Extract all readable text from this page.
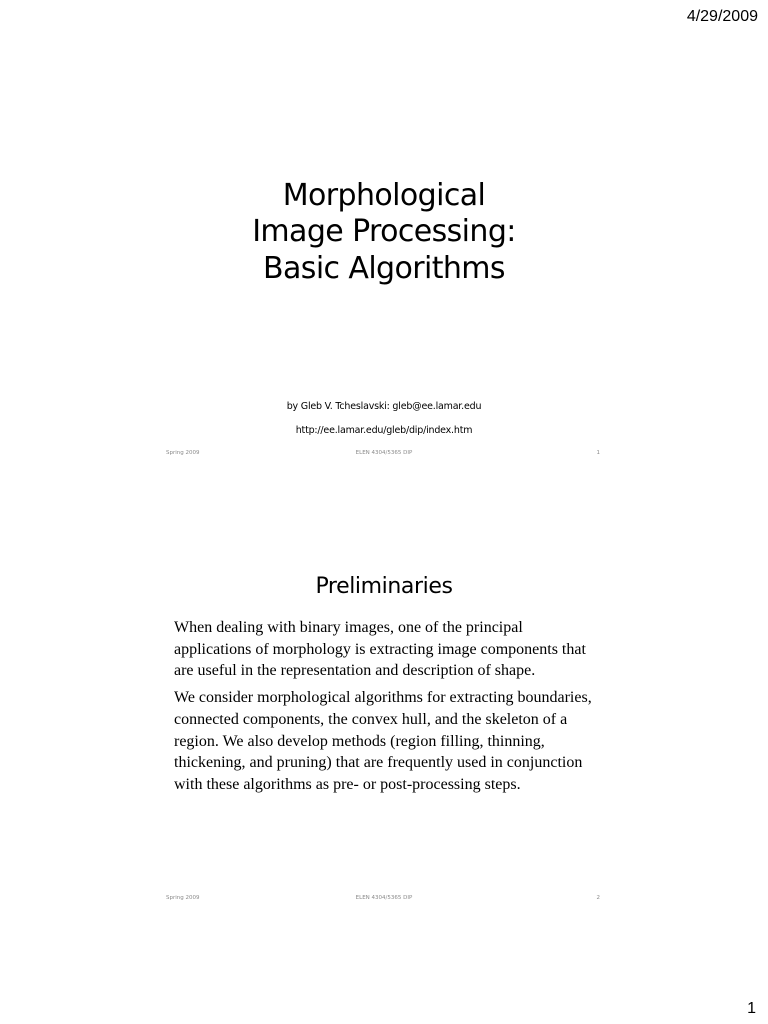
4/29/2009
Morphological
Image Processing:
Basic Algorithms
by Gleb V. Tcheslavski: gleb@ee.lamar.edu
http://ee.lamar.edu/gleb/dip/index.htm
Spring 2009	ELEN 4304/5365 DIP	1
Preliminaries

When dealing with binary images, one of the principal applications of morphology is extracting image components that are useful in the representation and description of shape.

We consider morphological algorithms for extracting boundaries, connected components, the convex hull, and the skeleton of a region. We also develop methods (region filling, thinning, thickening, and pruning) that are frequently used in conjunction with these algorithms as pre- or post-processing steps.

Spring 2009	ELEN 4304/5365 DIP	2
1
